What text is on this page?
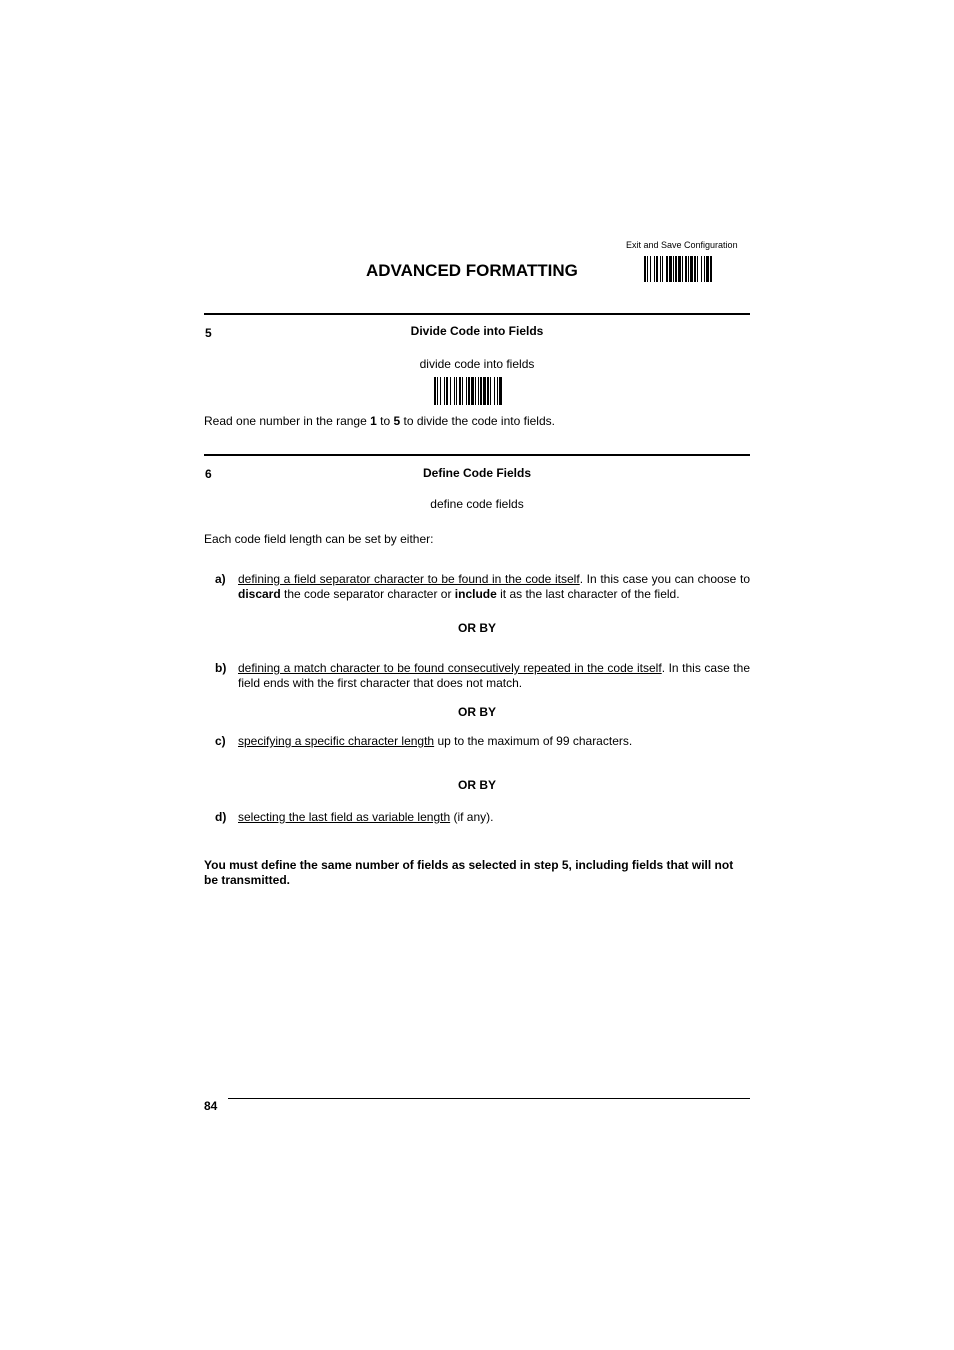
Exit and Save Configuration
ADVANCED FORMATTING
5	Divide Code into Fields
divide code into fields
Read one number in the range 1 to 5 to divide the code into fields.
6	Define Code Fields
define code fields
Each code field length can be set by either:
a) defining a field separator character to be found in the code itself. In this case you can choose to discard the code separator character or include it as the last character of the field.
OR BY
b) defining a match character to be found consecutively repeated in the code itself. In this case the field ends with the first character that does not match.
OR BY
c) specifying a specific character length up to the maximum of 99 characters.
OR BY
d) selecting the last field as variable length (if any).
You must define the same number of fields as selected in step 5, including fields that will not be transmitted.
84
